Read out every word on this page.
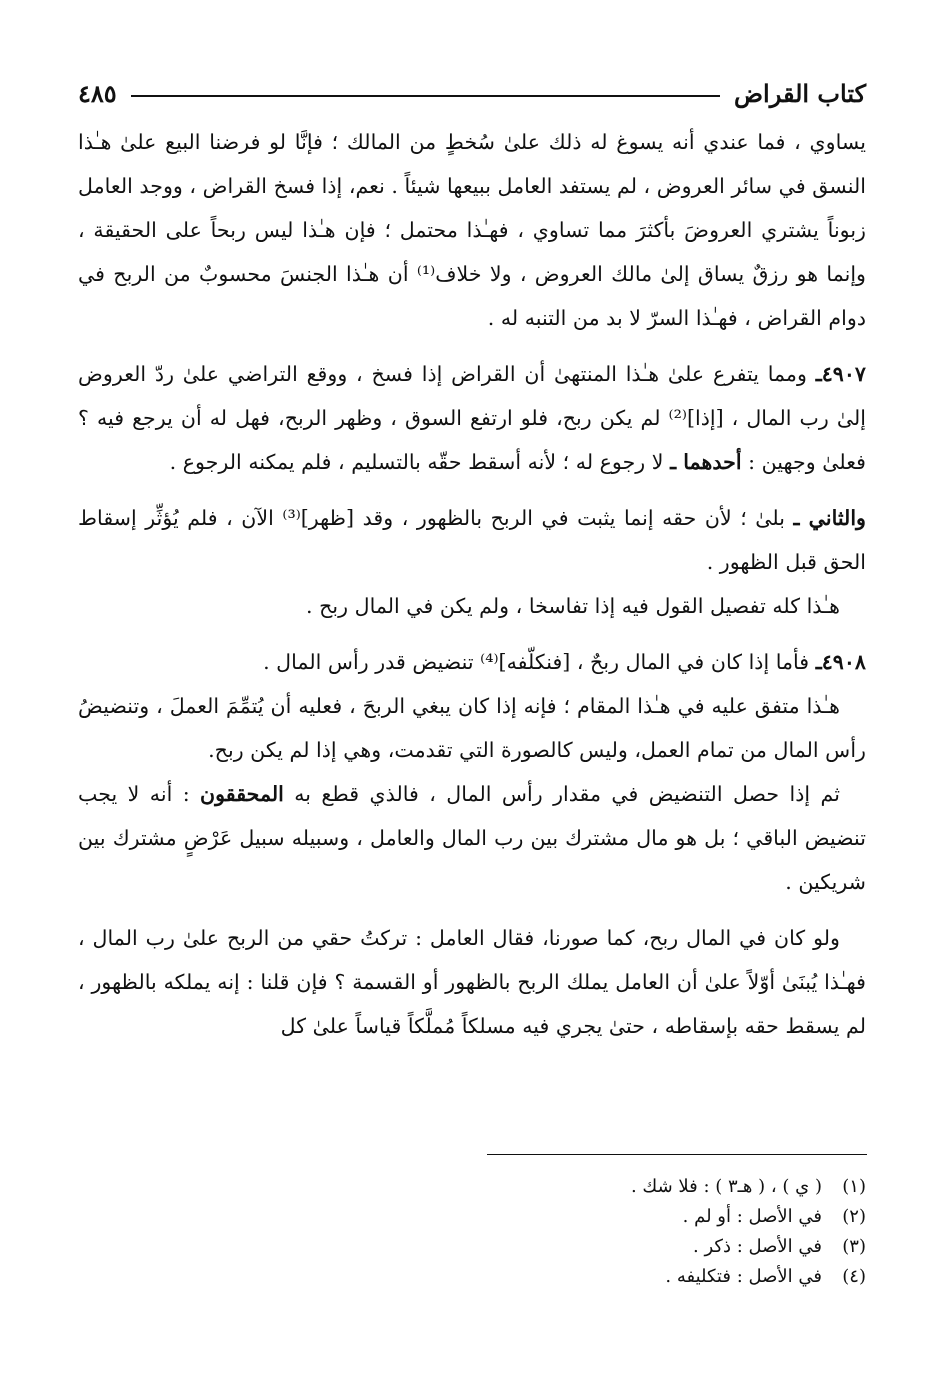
كتاب القراض
٤٨٥

يساوي ، فما عندي أنه يسوغ له ذلك علىٰ سُخطٍ من المالك ؛ فإنَّا لو فرضنا البيع علىٰ هـٰذا النسق في سائر العروض ، لم يستفد العامل ببيعها شيئاً . نعم، إذا فسخ القراض ، ووجد العامل زبوناً يشتري العروضَ بأكثرَ مما تساوي ، فهـٰذا محتمل ؛ فإن هـٰذا ليس ربحاً على الحقيقة ، وإنما هو رزقٌ يساق إلىٰ مالك العروض ، ولا خلاف⁽¹⁾ أن هـٰذا الجنسَ محسوبٌ من الربح في دوام القراض ، فهـٰذا السرّ لا بد من التنبه له .

٤٩٠٧ـ ومما يتفرع علىٰ هـٰذا المنتهىٰ أن القراض إذا فسخ ، ووقع التراضي علىٰ ردّ العروض إلىٰ رب المال ، [إذا]⁽²⁾ لم يكن ربح، فلو ارتفع السوق ، وظهر الربح، فهل له أن يرجع فيه ؟ فعلىٰ وجهين : أحدهما ـ لا رجوع له ؛ لأنه أسقط حقّه بالتسليم ، فلم يمكنه الرجوع .

والثاني ـ بلىٰ ؛ لأن حقه إنما يثبت في الربح بالظهور ، وقد [ظهر]⁽³⁾ الآن ، فلم يُؤثِّر إسقاط الحق قبل الظهور .

هـٰذا كله تفصيل القول فيه إذا تفاسخا ، ولم يكن في المال ربح .

٤٩٠٨ـ فأما إذا كان في المال ربحٌ ، [فنكلّفه]⁽⁴⁾ تنضيض قدر رأس المال .

هـٰذا متفق عليه في هـٰذا المقام ؛ فإنه إذا كان يبغي الربحَ ، فعليه أن يُتمِّمَ العملَ ، وتنضيضُ رأس المال من تمام العمل، وليس كالصورة التي تقدمت، وهي إذا لم يكن ربح.

ثم إذا حصل التنضيض في مقدار رأس المال ، فالذي قطع به المحققون : أنه لا يجب تنضيض الباقي ؛ بل هو مال مشترك بين رب المال والعامل ، وسبيله سبيل عَرْضٍ مشترك بين شريكين .

ولو كان في المال ربح، كما صورنا، فقال العامل : تركتُ حقي من الربح علىٰ رب المال ، فهـٰذا يُبنَىٰ أوّلاً علىٰ أن العامل يملك الربح بالظهور أو القسمة ؟ فإن قلنا : إنه يملكه بالظهور ، لم يسقط حقه بإسقاطه ، حتىٰ يجري فيه مسلكاً مُملَّكاً قياساً علىٰ كل

(١)( ي ) ، ( هـ٣ ) : فلا شك .
(٢)في الأصل : أو لم .
(٣)في الأصل : ذكر .
(٤)في الأصل : فتكليفه .
